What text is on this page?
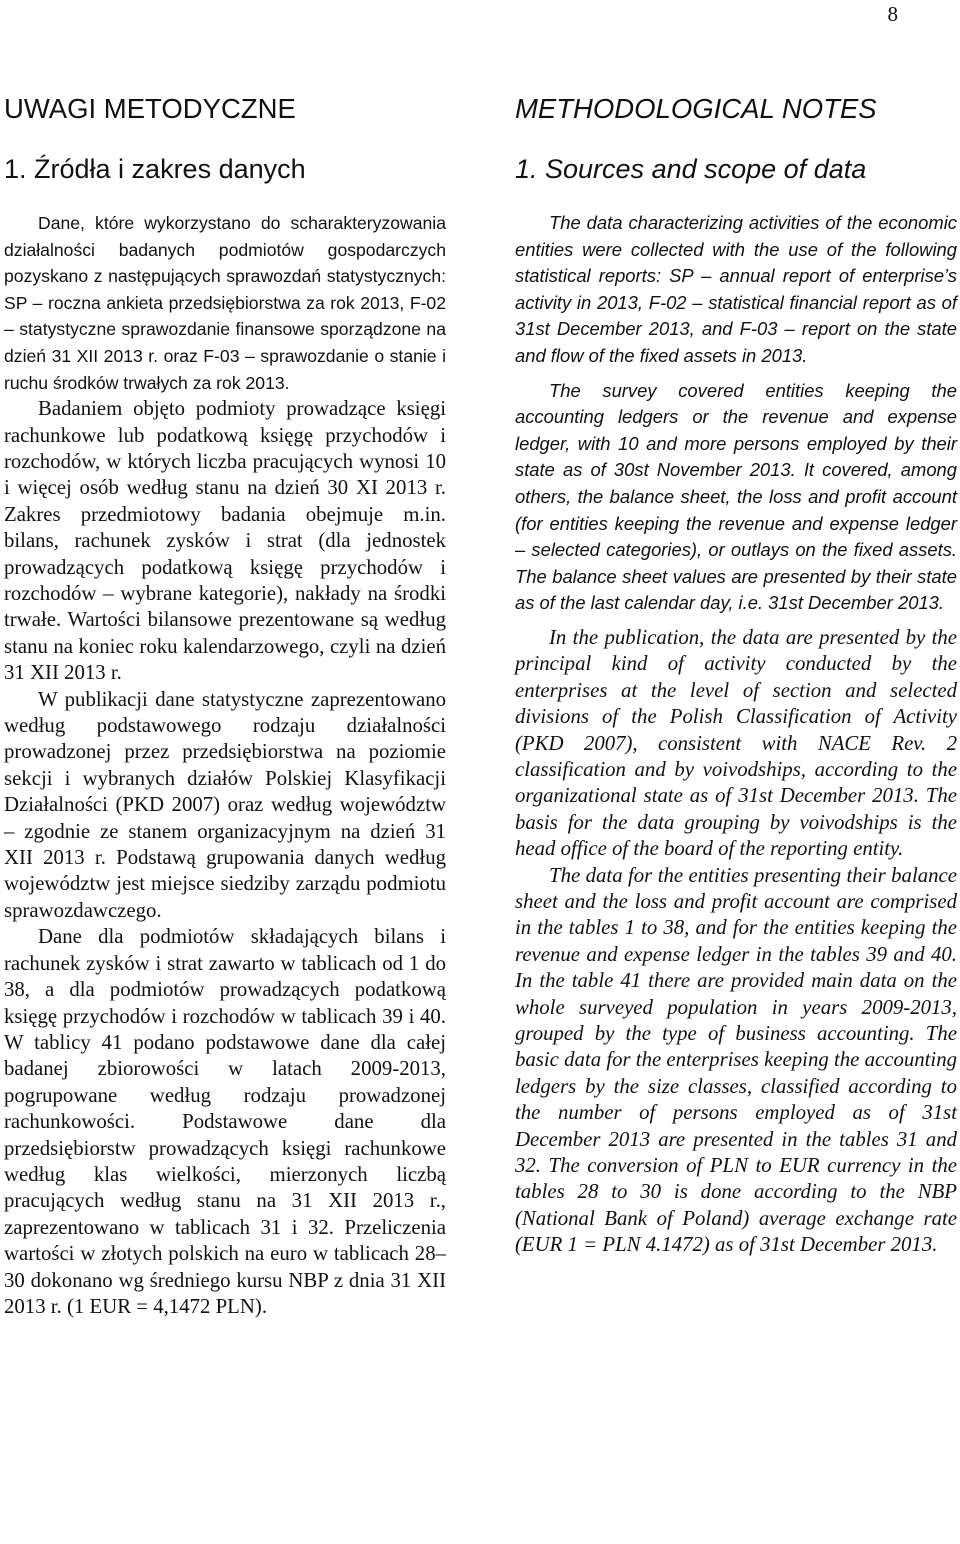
8
UWAGI METODYCZNE
1. Źródła i zakres danych

Dane, które wykorzystano do scharakteryzowania działalności badanych podmiotów gospodarczych pozyskano z następujących sprawozdań statystycznych: SP – roczna ankieta przedsiębiorstwa za rok 2013, F-02 – statystyczne sprawozdanie finansowe sporządzone na dzień 31 XII 2013 r. oraz F-03 – sprawozdanie o stanie i ruchu środków trwałych za rok 2013.

Badaniem objęto podmioty prowadzące księgi rachunkowe lub podatkową księgę przychodów i rozchodów, w których liczba pracujących wynosi 10 i więcej osób według stanu na dzień 30 XI 2013 r. Zakres przedmiotowy badania obejmuje m.in. bilans, rachunek zysków i strat (dla jednostek prowadzących podatkową księgę przychodów i rozchodów – wybrane kategorie), nakłady na środki trwałe. Wartości bilansowe prezentowane są według stanu na koniec roku kalendarzowego, czyli na dzień 31 XII 2013 r.

W publikacji dane statystyczne zaprezentowano według podstawowego rodzaju działalności prowadzonej przez przedsiębiorstwa na poziomie sekcji i wybranych działów Polskiej Klasyfikacji Działalności (PKD 2007) oraz według województw – zgodnie ze stanem organizacyjnym na dzień 31 XII 2013 r. Podstawą grupowania danych według województw jest miejsce siedziby zarządu podmiotu sprawozdawczego.

Dane dla podmiotów składających bilans i rachunek zysków i strat zawarto w tablicach od 1 do 38, a dla podmiotów prowadzących podatkową księgę przychodów i rozchodów w tablicach 39 i 40. W tablicy 41 podano podstawowe dane dla całej badanej zbiorowości w latach 2009-2013, pogrupowane według rodzaju prowadzonej rachunkowości. Podstawowe dane dla przedsiębiorstw prowadzących księgi rachunkowe według klas wielkości, mierzonych liczbą pracujących według stanu na 31 XII 2013 r., zaprezentowano w tablicach 31 i 32. Przeliczenia wartości w złotych polskich na euro w tablicach 28–30 dokonano wg średniego kursu NBP z dnia 31 XII 2013 r. (1 EUR = 4,1472 PLN).

METHODOLOGICAL NOTES
1. Sources and scope of data

The data characterizing activities of the economic entities were collected with the use of the following statistical reports: SP – annual report of enterprise’s activity in 2013, F-02 – statistical financial report as of 31st December 2013, and F-03 – report on the state and flow of the fixed assets in 2013.

The survey covered entities keeping the accounting ledgers or the revenue and expense ledger, with 10 and more persons employed by their state as of 30st November 2013. It covered, among others, the balance sheet, the loss and profit account (for entities keeping the revenue and expense ledger – selected categories), or outlays on the fixed assets. The balance sheet values are presented by their state as of the last calendar day, i.e. 31st December 2013.

In the publication, the data are presented by the principal kind of activity conducted by the enterprises at the level of section and selected divisions of the Polish Classification of Activity (PKD 2007), consistent with NACE Rev. 2 classification and by voivodships, according to the organizational state as of 31st December 2013. The basis for the data grouping by voivodships is the head office of the board of the reporting entity.

The data for the entities presenting their balance sheet and the loss and profit account are comprised in the tables 1 to 38, and for the entities keeping the revenue and expense ledger in the tables 39 and 40. In the table 41 there are provided main data on the whole surveyed population in years 2009-2013, grouped by the type of business accounting. The basic data for the enterprises keeping the accounting ledgers by the size classes, classified according to the number of persons employed as of 31st December 2013 are presented in the tables 31 and 32. The conversion of PLN to EUR currency in the tables 28 to 30 is done according to the NBP (National Bank of Poland) average exchange rate (EUR 1 = PLN 4.1472) as of 31st December 2013.
